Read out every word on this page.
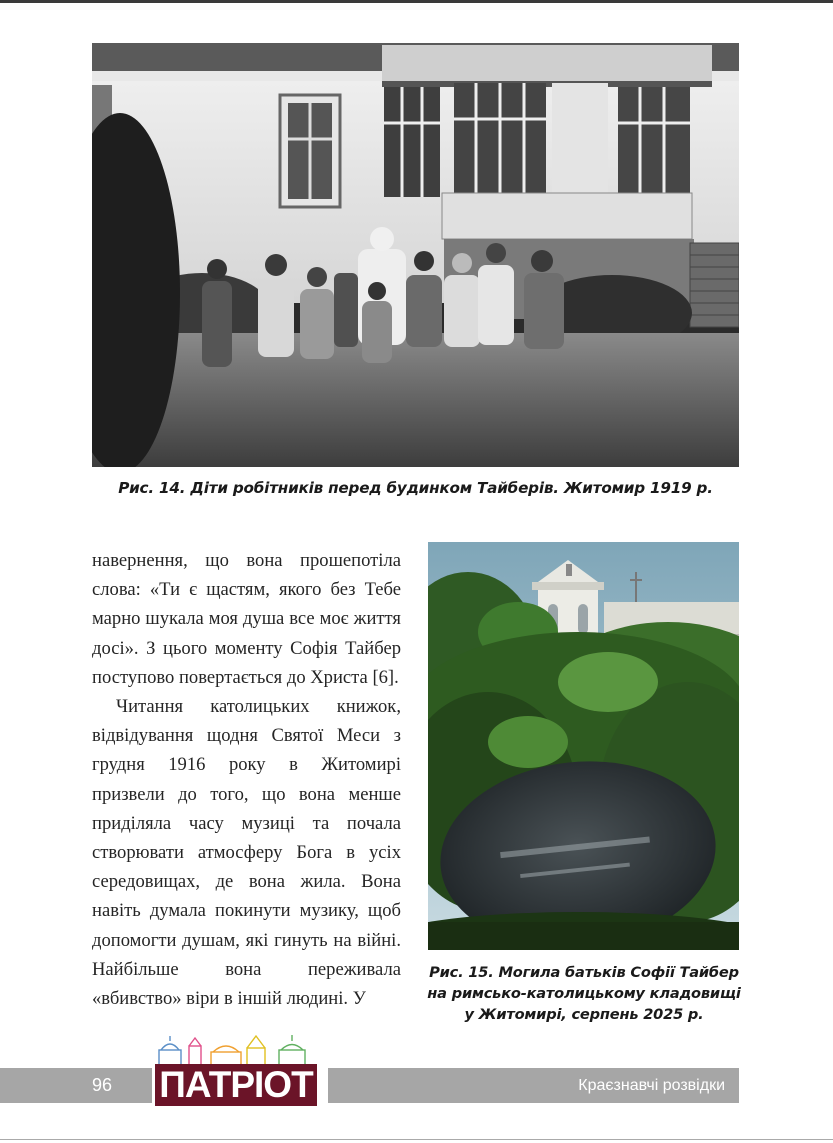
Рис. 14. Діти робітників перед будинком Тайберів. Житомир 1919 р.
Рис. 15. Могила батьків Софії Тайбер
на римсько-католицькому кладовищі
у Житомирі, серпень 2025 р.

навернення, що вона прошепотіла слова: «Ти є щастям, якого без Тебе марно шукала моя душа все моє життя досі». З цього моменту Софія Тайбер поступово повертається до Христа [6].

Читання католицьких книжок, відвідування щодня Святої Меси з грудня 1916 року в Житомирі призвели до того, що вона менше приділяла часу музиці та почала створювати атмосферу Бога в усіх середовищах, де вона жила. Вона навіть думала покинути музику, щоб допомогти душам, які гинуть на війні. Найбільше вона переживала «вбивство» віри в іншій людині. У

96	Краєзнавчі розвідки
ПАТРІОТ
